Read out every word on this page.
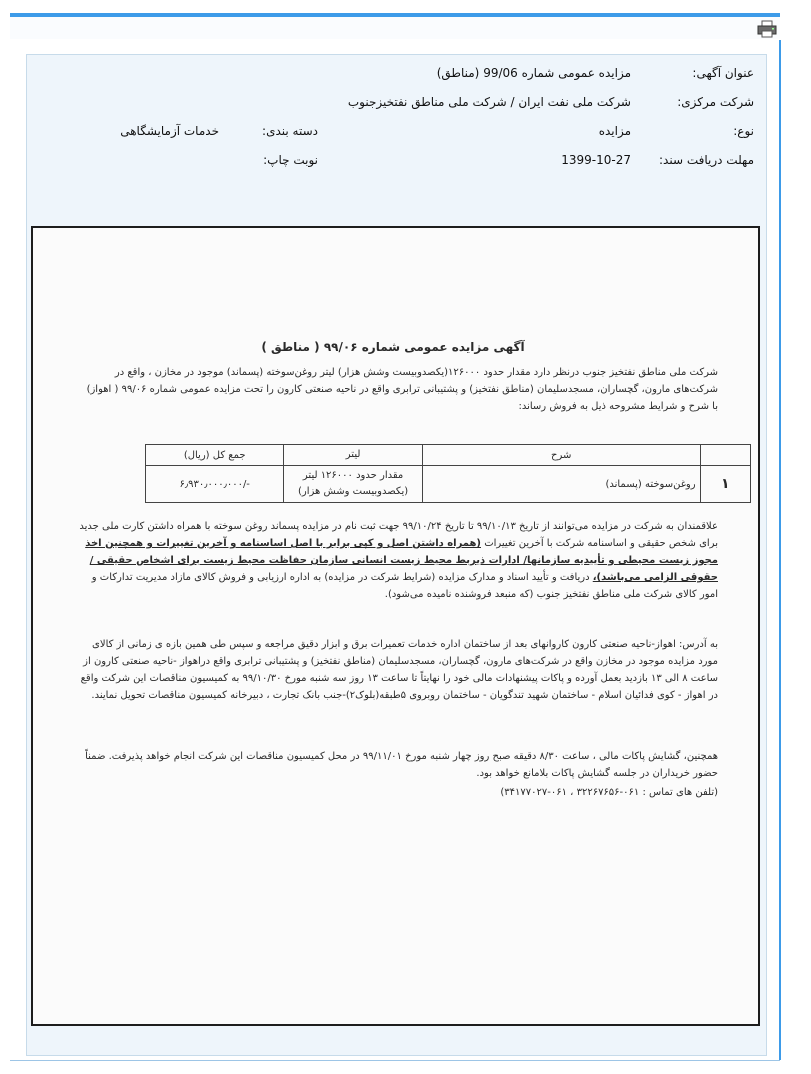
عنوان آگهی:
مزایده عمومی شماره 99/06 (مناطق)
شرکت مرکزی:
شرکت ملی نفت ایران / شرکت ملی مناطق نفتخیزجنوب
نوع:
مزایده
دسته بندی:
خدمات آزمایشگاهی
مهلت دریافت سند:
1399-10-27
نوبت چاپ:
آگهی مزایده عمومی شماره ۹۹/۰۶ ( مناطق )
شرکت ملی مناطق نفتخیز جنوب درنظر دارد مقدار حدود ۱۲۶۰۰۰(یکصدوبیست وشش هزار) لیتر روغن‌سوخته (پسماند) موجود در مخازن ، واقع در شرکت‌های مارون، گچساران، مسجدسلیمان (مناطق نفتخیز) و پشتیبانی ترابری واقع در ناحیه صنعتی کارون را تحت مزایده عمومی شماره ۹۹/۰۶ ( اهواز) با شرح و شرایط مشروحه ذیل به فروش رساند:
	شرح	لیتر	جمع کل (ریال)
۱	روغن‌سوخته (پسماند)	مقدار حدود ۱۲۶۰۰۰ لیتر (یکصدوبیست وشش هزار)	-/۶٫۹۳۰٫۰۰۰٫۰۰۰
علاقمندان به شرکت در مزایده می‌توانند از تاریخ ۹۹/۱۰/۱۳ تا تاریخ ۹۹/۱۰/۲۴ جهت ثبت نام در مزایده پسماند روغن سوخته با همراه داشتن کارت ملی جدید برای شخص حقیقی و اساسنامه شرکت با آخرین تغییرات (همراه داشتن اصل و کپی برابر با اصل اساسنامه و آخرین تغییرات و همچنین اخذ مجوز زیست محیطی و تأییدیه سازمانها/ ادارات ذیربط محیط زیست انسانی سازمان حفاظت محیط زیست برای اشخاص حقیقی /حقوقی الزامی می‌باشد)، دریافت و تأیید اسناد و مدارک مزایده (شرایط شرکت در مزایده) به اداره ارزیابی و فروش کالای مازاد مدیریت تدارکات و امور کالای شرکت ملی مناطق نفتخیز جنوب (که منبعد فروشنده نامیده می‌شود).
به آدرس: اهواز-ناحیه صنعتی کارون کاروانهای بعد از ساختمان اداره خدمات تعمیرات برق و ابزار دقیق مراجعه و سپس طی همین بازه ی زمانی از کالای مورد مزایده موجود در مخازن واقع در شرکت‌های مارون، گچساران، مسجدسلیمان (مناطق نفتخیز) و پشتیبانی ترابری واقع دراهواز -ناحیه صنعتی کارون از ساعت ۸ الی ۱۳ بازدید بعمل آورده و پاکات پیشنهادات مالی خود را نهایتاً تا ساعت ۱۳ روز سه شنبه مورخ ۹۹/۱۰/۳۰ به کمیسیون مناقصات این شرکت واقع در اهواز - کوی فدائیان اسلام - ساختمان شهید تندگویان - ساختمان روبروی ۵طبقه(بلوک۲)-جنب بانک تجارت ، دبیرخانه کمیسیون مناقصات تحویل نمایند.
همچنین، گشایش پاکات مالی ، ساعت ۸/۳۰ دقیقه صبح روز چهار شنبه مورخ ۹۹/۱۱/۰۱ در محل کمیسیون مناقصات این شرکت انجام خواهد پذیرفت. ضمناً حضور خریداران در جلسه گشایش پاکات بلامانع خواهد بود.
(تلفن های تماس : ۰۶۱-۳۲۲۶۷۶۵۶ ، ۰۶۱-۳۴۱۷۷۰۲۷)
